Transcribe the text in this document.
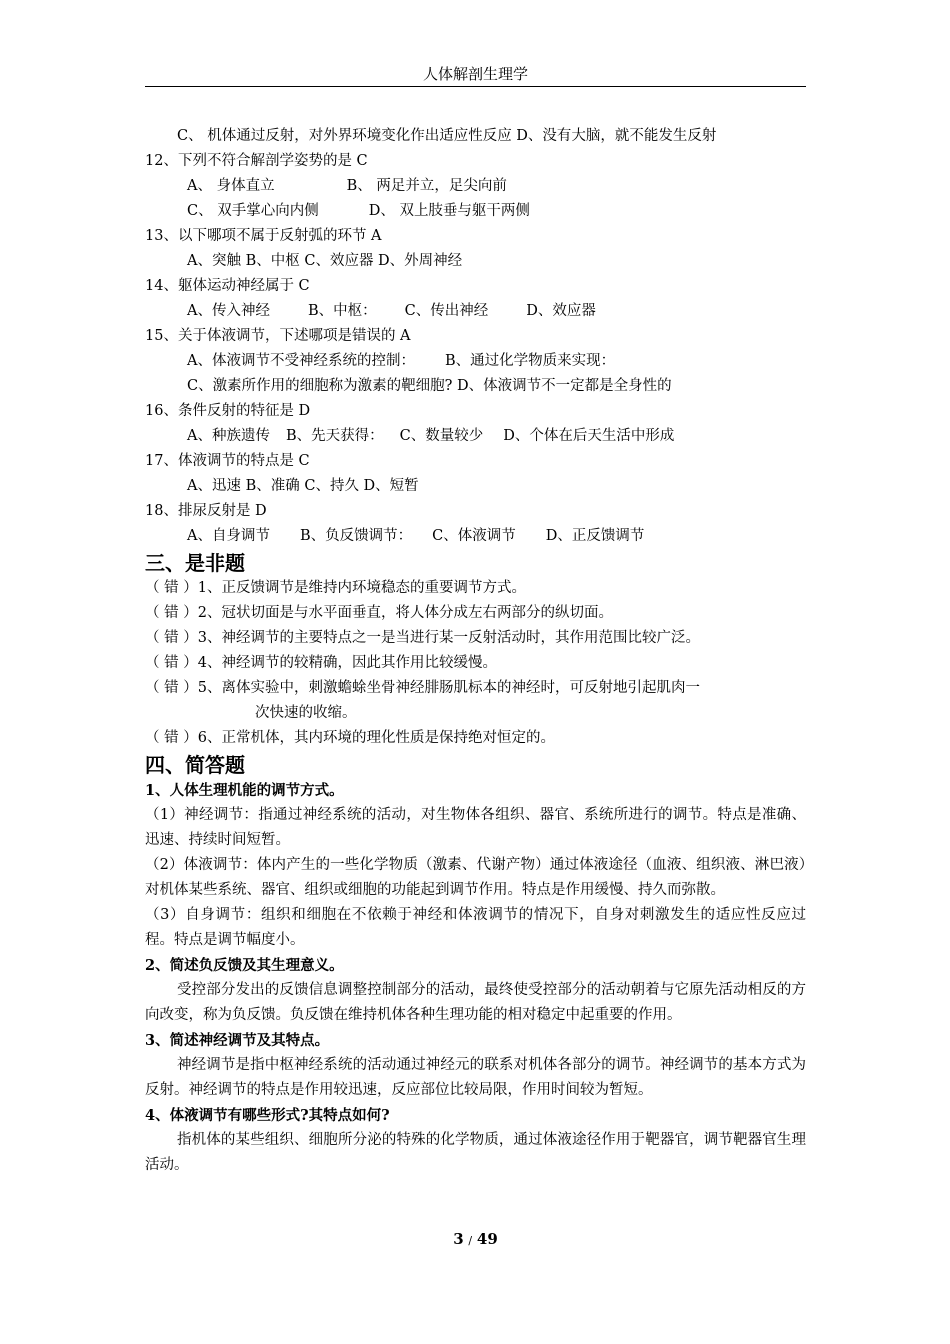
人体解剖生理学
C、 机体通过反射，对外界环境变化作出适应性反应 D、没有大脑，就不能发生反射
12、下列不符合解剖学姿势的是 C
A、 身体直立	B、 两足并立，足尖向前
C、 双手掌心向内侧	D、 双上肢垂与躯干两侧
13、以下哪项不属于反射弧的环节 A
A、突触 B、中枢 C、效应器 D、外周神经
14、躯体运动神经属于 C
A、传入神经	B、中枢： C、传出神经	D、效应器
15、关于体液调节，下述哪项是错误的 A
A、体液调节不受神经系统的控制： B、通过化学物质来实现：
C、激素所作用的细胞称为激素的靶细胞? D、体液调节不一定都是全身性的
16、条件反射的特征是 D
A、种族遗传 B、先天获得： C、数量较少 D、个体在后天生活中形成
17、体液调节的特点是 C
A、迅速 B、准确 C、持久 D、短暂
18、排尿反射是 D
A、自身调节 B、负反馈调节： C、体液调节 D、正反馈调节
三、是非题
（ 错 ）1、正反馈调节是维持内环境稳态的重要调节方式。
（ 错 ）2、冠状切面是与水平面垂直，将人体分成左右两部分的纵切面。
（ 错 ）3、神经调节的主要特点之一是当进行某一反射活动时，其作用范围比较广泛。
（ 错 ）4、神经调节的较精确，因此其作用比较缓慢。
（ 错 ）5、离体实验中，刺激蟾蜍坐骨神经腓肠肌标本的神经时，可反射地引起肌肉一
次快速的收缩。
（ 错 ）6、正常机体，其内环境的理化性质是保持绝对恒定的。
四、简答题
1、人体生理机能的调节方式。
（1）神经调节：指通过神经系统的活动，对生物体各组织、器官、系统所进行的调节。特点是准确、迅速、持续时间短暂。
（2）体液调节：体内产生的一些化学物质（激素、代谢产物）通过体液途径（血液、组织液、淋巴液）对机体某些系统、器官、组织或细胞的功能起到调节作用。特点是作用缓慢、持久而弥散。
（3）自身调节：组织和细胞在不依赖于神经和体液调节的情况下，自身对刺激发生的适应性反应过程。特点是调节幅度小。
2、简述负反馈及其生理意义。
受控部分发出的反馈信息调整控制部分的活动，最终使受控部分的活动朝着与它原先活动相反的方向改变，称为负反馈。负反馈在维持机体各种生理功能的相对稳定中起重要的作用。
3、简述神经调节及其特点。
神经调节是指中枢神经系统的活动通过神经元的联系对机体各部分的调节。神经调节的基本方式为反射。神经调节的特点是作用较迅速，反应部位比较局限，作用时间较为暂短。
4、体液调节有哪些形式?其特点如何?
指机体的某些组织、细胞所分泌的特殊的化学物质，通过体液途径作用于靶器官，调节靶器官生理活动。
3 / 49
